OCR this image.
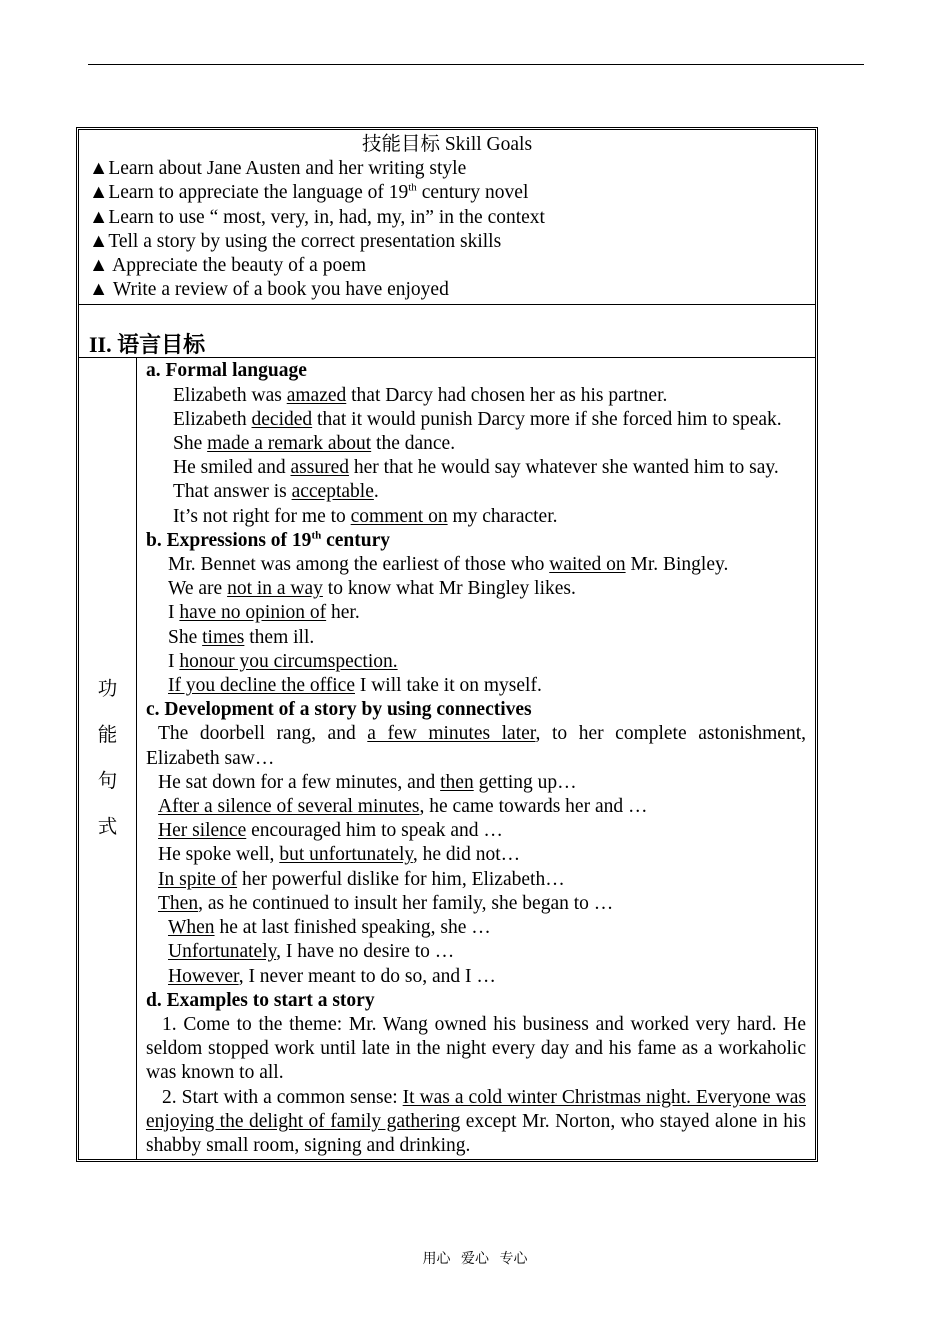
技能目标 Skill Goals
▲Learn about Jane Austen and her writing style
▲Learn to appreciate the language of 19th century novel
▲Learn to use “ most, very, in, had, my, in” in the context
▲Tell a story by using the correct presentation skills
▲ Appreciate the beauty of a poem
▲ Write a review of a book you have enjoyed
II. 语言目标
功
能
句
式

a. Formal language

Elizabeth was amazed that Darcy had chosen her as his partner.

Elizabeth decided that it would punish Darcy more if she forced him to speak.

She made a remark about the dance.

He smiled and assured her that he would say whatever she wanted him to say.

That answer is acceptable.

It’s not right for me to comment on my character.

b. Expressions of 19th century

Mr. Bennet was among the earliest of those who waited on Mr. Bingley.

We are not in a way to know what Mr Bingley likes.

I have no opinion of her.

She times them ill.

I honour you circumspection.

If you decline the office I will take it on myself.

c. Development of a story by using connectives

The doorbell rang, and a few minutes later, to her complete astonishment, Elizabeth saw…

He sat down for a few minutes, and then getting up…

After a silence of several minutes, he came towards her and …

Her silence encouraged him to speak and …

He spoke well, but unfortunately, he did not…

In spite of her powerful dislike for him, Elizabeth…

Then, as he continued to insult her family, she began to …

When he at last finished speaking, she …

Unfortunately, I have no desire to …

However, I never meant to do so, and I …

d. Examples to start a story

1. Come to the theme: Mr. Wang owned his business and worked very hard. He seldom stopped work until late in the night every day and his fame as a workaholic was known to all.

2. Start with a common sense: It was a cold winter Christmas night. Everyone was enjoying the delight of family gathering except Mr. Norton, who stayed alone in his shabby small room, signing and drinking.

用心 爱心 专心
